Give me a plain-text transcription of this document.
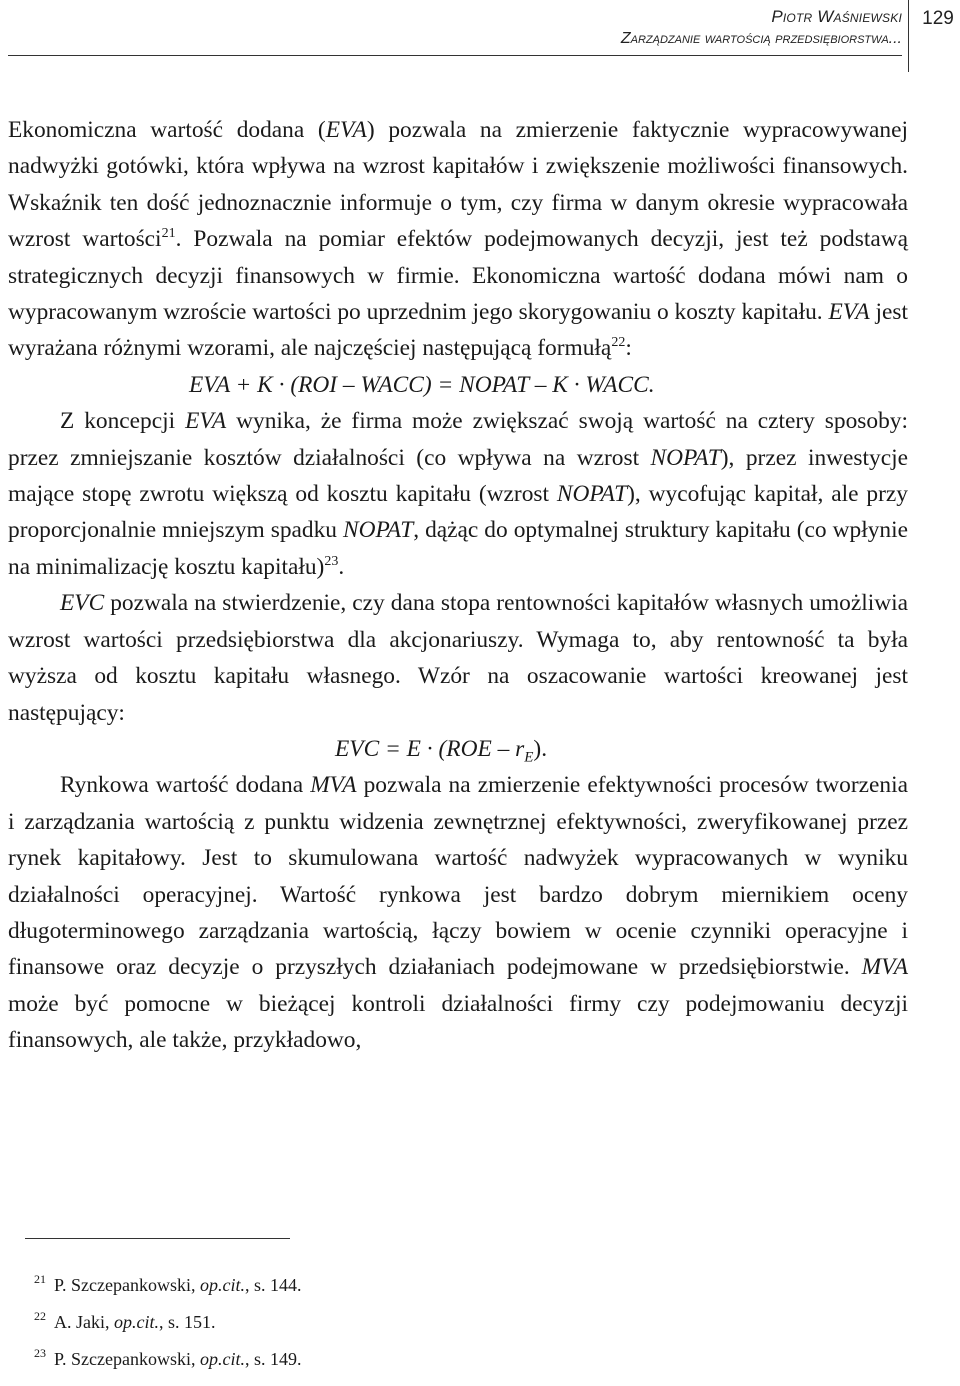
Piotr Waśniewski
Zarządzanie wartością przedsiębiorstwa...
129

Ekonomiczna wartość dodana (EVA) pozwala na zmierzenie faktycznie wypracowywanej nadwyżki gotówki, która wpływa na wzrost kapitałów i zwiększenie możliwości finansowych. Wskaźnik ten dość jednoznacznie informuje o tym, czy firma w danym okresie wypracowała wzrost wartości$^{21}$. Pozwala na pomiar efektów podejmowanych decyzji, jest też podstawą strategicznych decyzji finansowych w firmie. Ekonomiczna wartość dodana mówi nam o wypracowanym wzroście wartości po uprzednim jego skorygowaniu o koszty kapitału. EVA jest wyrażana różnymi wzorami, ale najczęściej następującą formułą$^{22}$:

EVA + K · (ROI – WACC) = NOPAT – K · WACC.

Z koncepcji EVA wynika, że firma może zwiększać swoją wartość na cztery sposoby: przez zmniejszanie kosztów działalności (co wpływa na wzrost NOPAT), przez inwestycje mające stopę zwrotu większą od kosztu kapitału (wzrost NOPAT), wycofując kapitał, ale przy proporcjonalnie mniejszym spadku NOPAT, dążąc do optymalnej struktury kapitału (co wpłynie na minimalizację kosztu kapitału)$^{23}$.

EVC pozwala na stwierdzenie, czy dana stopa rentowności kapitałów własnych umożliwia wzrost wartości przedsiębiorstwa dla akcjonariuszy. Wymaga to, aby rentowność ta była wyższa od kosztu kapitału własnego. Wzór na oszacowanie wartości kreowanej jest następujący:

EVC = $E \cdot (ROE - r_E)$.

Rynkowa wartość dodana MVA pozwala na zmierzenie efektywności procesów tworzenia i zarządzania wartością z punktu widzenia zewnętrznej efektywności, zweryfikowanej przez rynek kapitałowy. Jest to skumulowana wartość nadwyżek wypracowanych w wyniku działalności operacyjnej. Wartość rynkowa jest bardzo dobrym miernikiem oceny długoterminowego zarządzania wartością, łączy bowiem w ocenie czynniki operacyjne i finansowe oraz decyzje o przyszłych działaniach podejmowane w przedsiębiorstwie. MVA może być pomocne w bieżącej kontroli działalności firmy czy podejmowaniu decyzji finansowych, ale także, przykładowo,

21 P. Szczepankowski, op.cit., s. 144.
22 A. Jaki, op.cit., s. 151.
23 P. Szczepankowski, op.cit., s. 149.
